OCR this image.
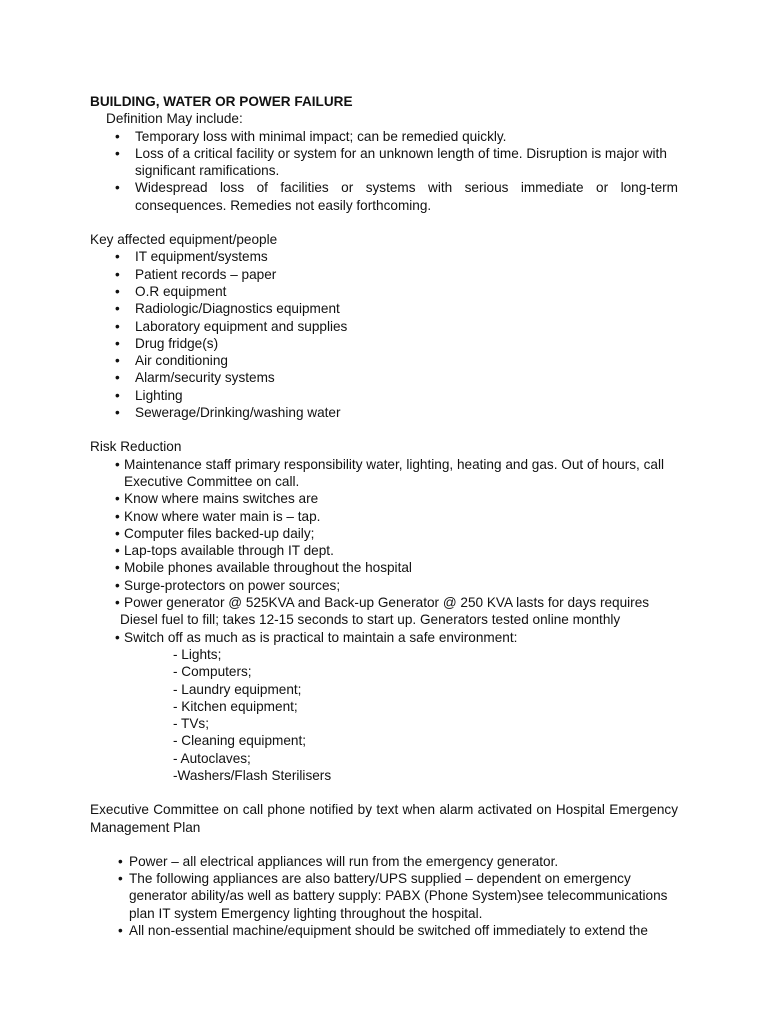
BUILDING, WATER OR POWER FAILURE
Definition May include:
• Temporary loss with minimal impact; can be remedied quickly.
• Loss of a critical facility or system for an unknown length of time. Disruption is major with significant ramifications.
• Widespread loss of facilities or systems with serious immediate or long-term consequences. Remedies not easily forthcoming.
Key affected equipment/people
• IT equipment/systems
• Patient records – paper
• O.R equipment
• Radiologic/Diagnostics equipment
• Laboratory equipment and supplies
• Drug fridge(s)
• Air conditioning
• Alarm/security systems
• Lighting
• Sewerage/Drinking/washing water
Risk Reduction
• Maintenance staff primary responsibility water, lighting, heating and gas. Out of hours, call Executive Committee on call.
• Know where mains switches are
• Know where water main is – tap.
• Computer files backed-up daily;
• Lap-tops available through IT dept.
• Mobile phones available throughout the hospital
• Surge-protectors on power sources;
• Power generator @ 525KVA and Back-up Generator @ 250 KVA lasts for days requires
Diesel fuel to fill; takes 12-15 seconds to start up. Generators tested online monthly
• Switch off as much as is practical to maintain a safe environment:
- Lights;
- Computers;
- Laundry equipment;
- Kitchen equipment;
- TVs;
- Cleaning equipment;
- Autoclaves;
-Washers/Flash Sterilisers
Executive Committee on call phone notified by text when alarm activated on Hospital Emergency Management Plan
• Power – all electrical appliances will run from the emergency generator.
• The following appliances are also battery/UPS supplied – dependent on emergency generator ability/as well as battery supply: PABX (Phone System)see telecommunications plan IT system Emergency lighting throughout the hospital.
• All non-essential machine/equipment should be switched off immediately to extend the
